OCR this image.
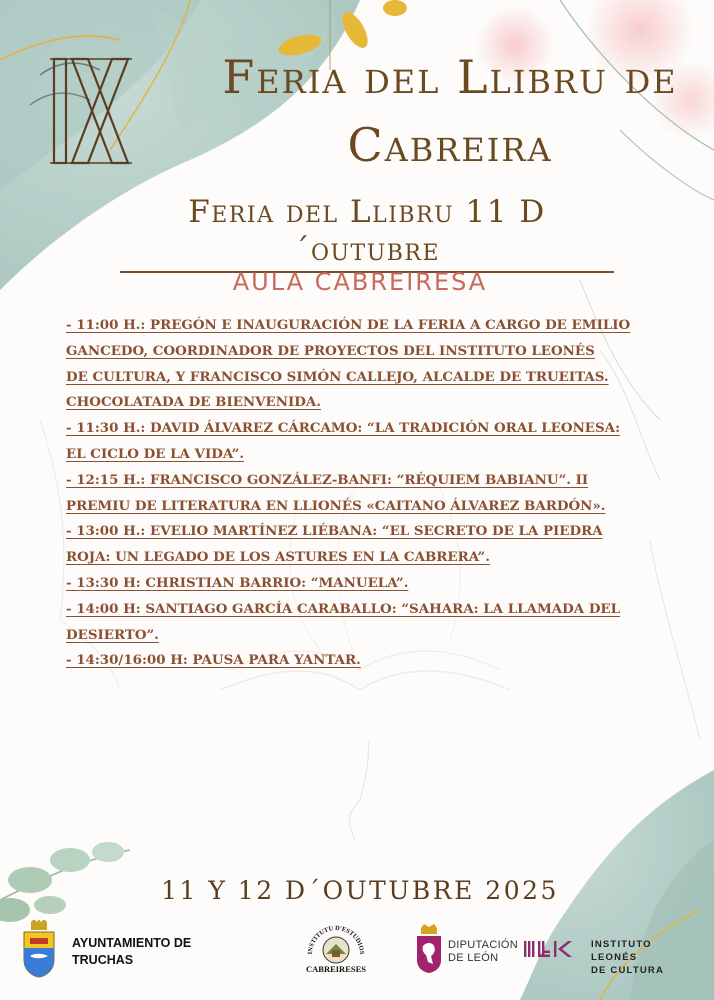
IX
Feria del Llibru de
Cabreira
Feria del Llibru 11 D´outubre
AULA CABREIRESA
- 11:00 H.: PREGÓN E INAUGURACIÓN DE LA FERIA A CARGO DE EMILIO
GANCEDO, COORDINADOR DE PROYECTOS DEL INSTITUTO LEONÉS
DE CULTURA, Y FRANCISCO SIMÓN CALLEJO, ALCALDE DE TRUEITAS.
CHOCOLATADA DE BIENVENIDA.
- 11:30 H.: DAVID ÁLVAREZ CÁRCAMO: “LA TRADICIÓN ORAL LEONESA:
EL CICLO DE LA VIDA”.
- 12:15 H.: FRANCISCO GONZÁLEZ-BANFI: “RÉQUIEM BABIANU”. II
PREMIU DE LITERATURA EN LLIONÉS «CAITANO ÁLVAREZ BARDÓN».
- 13:00 H.: EVELIO MARTÍNEZ LIÉBANA: “EL SECRETO DE LA PIEDRA
ROJA: UN LEGADO DE LOS ASTURES EN LA CABRERA”.
- 13:30 H: CHRISTIAN BARRIO: “MANUELA”.
- 14:00 H: SANTIAGO GARCÍA CARABALLO: “SAHARA: LA LLAMADA DEL
DESIERTO”.
- 14:30/16:00 H: PAUSA PARA YANTAR.
11 Y 12 D´OUTUBRE 2025
AYUNTAMIENTO DE
TRUCHAS	INSTITUTU D'ESTUDIOS
CABREIRESES
DIPUTACIÓN
DE LEÓN	ILC
INSTITUTO
LEONÉS
DE CULTURA
